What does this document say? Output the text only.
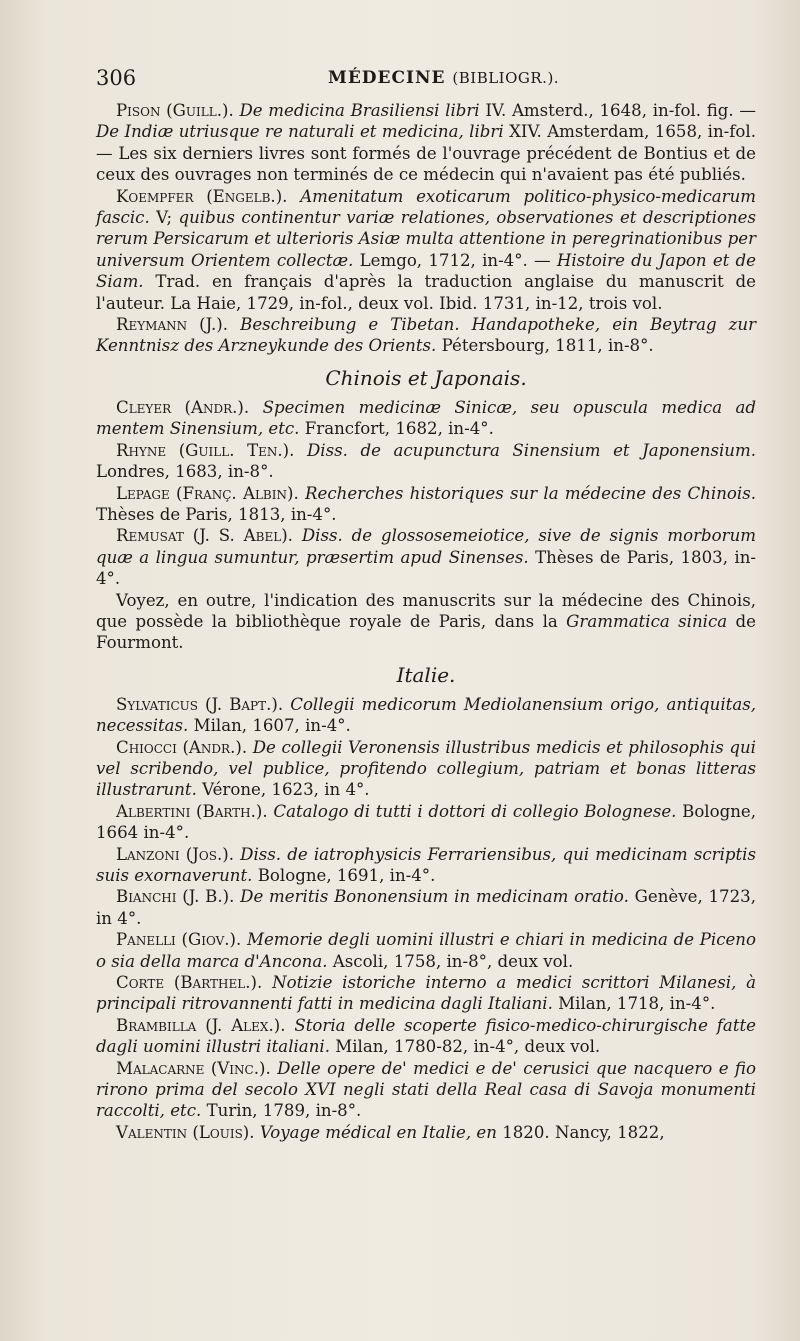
306	MÉDECINE (BIBLIOGR.).

Pison (Guill.). De medicina Brasiliensi libri IV. Amsterd., 1648, in-fol. fig. — De Indiæ utriusque re naturali et medicina, libri XIV. Amsterdam, 1658, in-fol. — Les six derniers livres sont formés de l'ouvrage précédent de Bontius et de ceux des ouvrages non terminés de ce médecin qui n'avaient pas été publiés.

Koempfer (Engelb.). Amenitatum exoticarum politico-physico-medicarum fascic. V; quibus continentur variæ relationes, observationes et descriptiones rerum Persicarum et ulterioris Asiæ multa attentione in peregrinationibus per universum Orientem collectæ. Lemgo, 1712, in-4°. — Histoire du Japon et de Siam. Trad. en français d'après la traduction anglaise du manuscrit de l'auteur. La Haie, 1729, in-fol., deux vol. Ibid. 1731, in-12, trois vol.

Reymann (J.). Beschreibung e Tibetan. Handapotheke, ein Beytrag zur Kenntnisz des Arzneykunde des Orients. Pétersbourg, 1811, in-8°.

Chinois et Japonais.

Cleyer (Andr.). Specimen medicinæ Sinicæ, seu opuscula medica ad mentem Sinensium, etc. Francfort, 1682, in-4°.

Rhyne (Guill. Ten.). Diss. de acupunctura Sinensium et Japonensium. Londres, 1683, in-8°.

Lepage (Franç. Albin). Recherches historiques sur la médecine des Chinois. Thèses de Paris, 1813, in-4°.

Remusat (J. S. Abel). Diss. de glossosemeiotice, sive de signis morborum quæ a lingua sumuntur, præsertim apud Sinenses. Thèses de Paris, 1803, in-4°.

Voyez, en outre, l'indication des manuscrits sur la médecine des Chinois, que possède la bibliothèque royale de Paris, dans la Grammatica sinica de Fourmont.

Italie.

Sylvaticus (J. Bapt.). Collegii medicorum Mediolanensium origo, antiquitas, necessitas. Milan, 1607, in-4°.

Chiocci (Andr.). De collegii Veronensis illustribus medicis et philosophis qui vel scribendo, vel publice, profitendo collegium, patriam et bonas litteras illustrarunt. Vérone, 1623, in 4°.

Albertini (Barth.). Catalogo di tutti i dottori di collegio Bolognese. Bologne, 1664 in-4°.

Lanzoni (Jos.). Diss. de iatrophysicis Ferrariensibus, qui medicinam scriptis suis exornaverunt. Bologne, 1691, in-4°.

Bianchi (J. B.). De meritis Bononensium in medicinam oratio. Genève, 1723, in 4°.

Panelli (Giov.). Memorie degli uomini illustri e chiari in medicina de Piceno o sia della marca d'Ancona. Ascoli, 1758, in-8°, deux vol.

Corte (Barthel.). Notizie istoriche interno a medici scrittori Milanesi, à principali ritrovannenti fatti in medicina dagli Italiani. Milan, 1718, in-4°.

Brambilla (J. Alex.). Storia delle scoperte fisico-medico-chirurgische fatte dagli uomini illustri italiani. Milan, 1780-82, in-4°, deux vol.

Malacarne (Vinc.). Delle opere de' medici e de' cerusici que nacquero e fio rirono prima del secolo XVI negli stati della Real casa di Savoja monumenti raccolti, etc. Turin, 1789, in-8°.

Valentin (Louis). Voyage médical en Italie, en 1820. Nancy, 1822,
